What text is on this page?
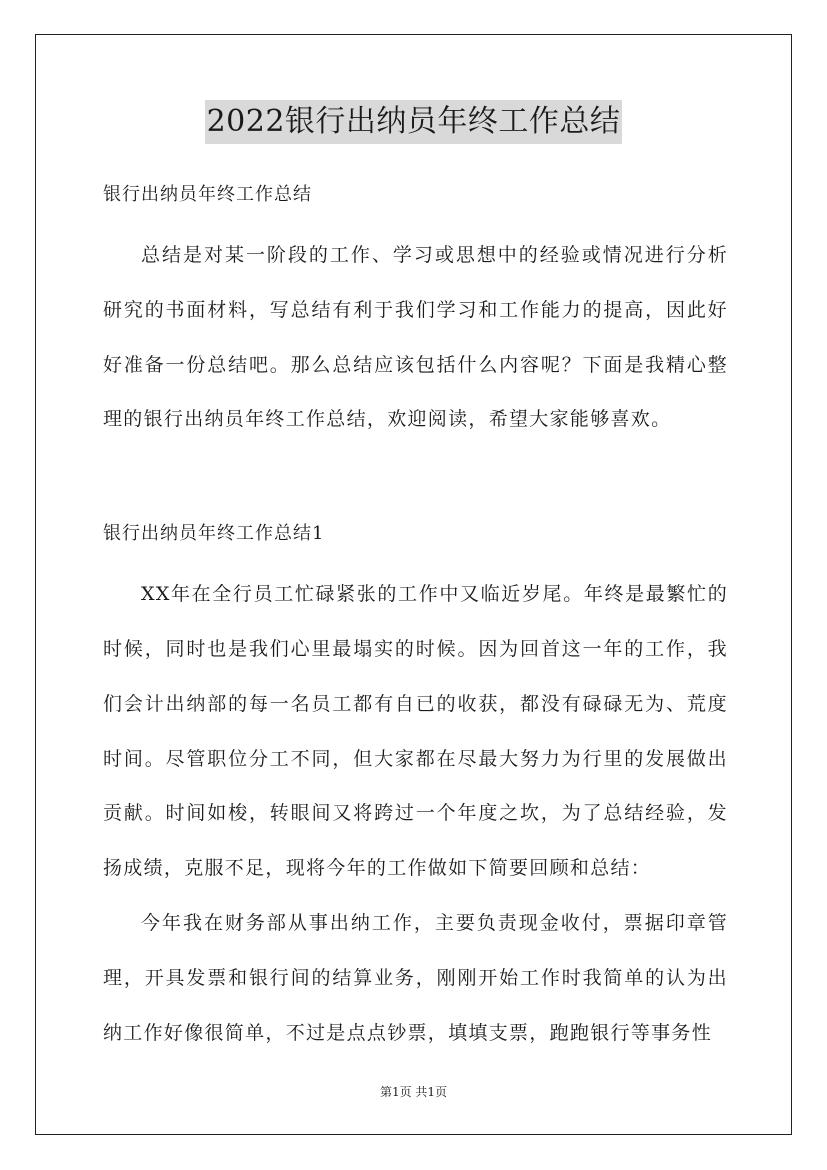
2022银行出纳员年终工作总结

银行出纳员年终工作总结

总结是对某一阶段的工作、学习或思想中的经验或情况进行分析研究的书面材料，写总结有利于我们学习和工作能力的提高，因此好好准备一份总结吧。那么总结应该包括什么内容呢？下面是我精心整理的银行出纳员年终工作总结，欢迎阅读，希望大家能够喜欢。

银行出纳员年终工作总结1

XX年在全行员工忙碌紧张的工作中又临近岁尾。年终是最繁忙的时候，同时也是我们心里最塌实的时候。因为回首这一年的工作，我们会计出纳部的每一名员工都有自已的收获，都没有碌碌无为、荒度时间。尽管职位分工不同，但大家都在尽最大努力为行里的发展做出贡献。时间如梭，转眼间又将跨过一个年度之坎，为了总结经验，发扬成绩，克服不足，现将今年的工作做如下简要回顾和总结：

今年我在财务部从事出纳工作，主要负责现金收付，票据印章管理，开具发票和银行间的结算业务，刚刚开始工作时我简单的认为出纳工作好像很简单，不过是点点钞票，填填支票，跑跑银行等事务性

第1页 共1页
